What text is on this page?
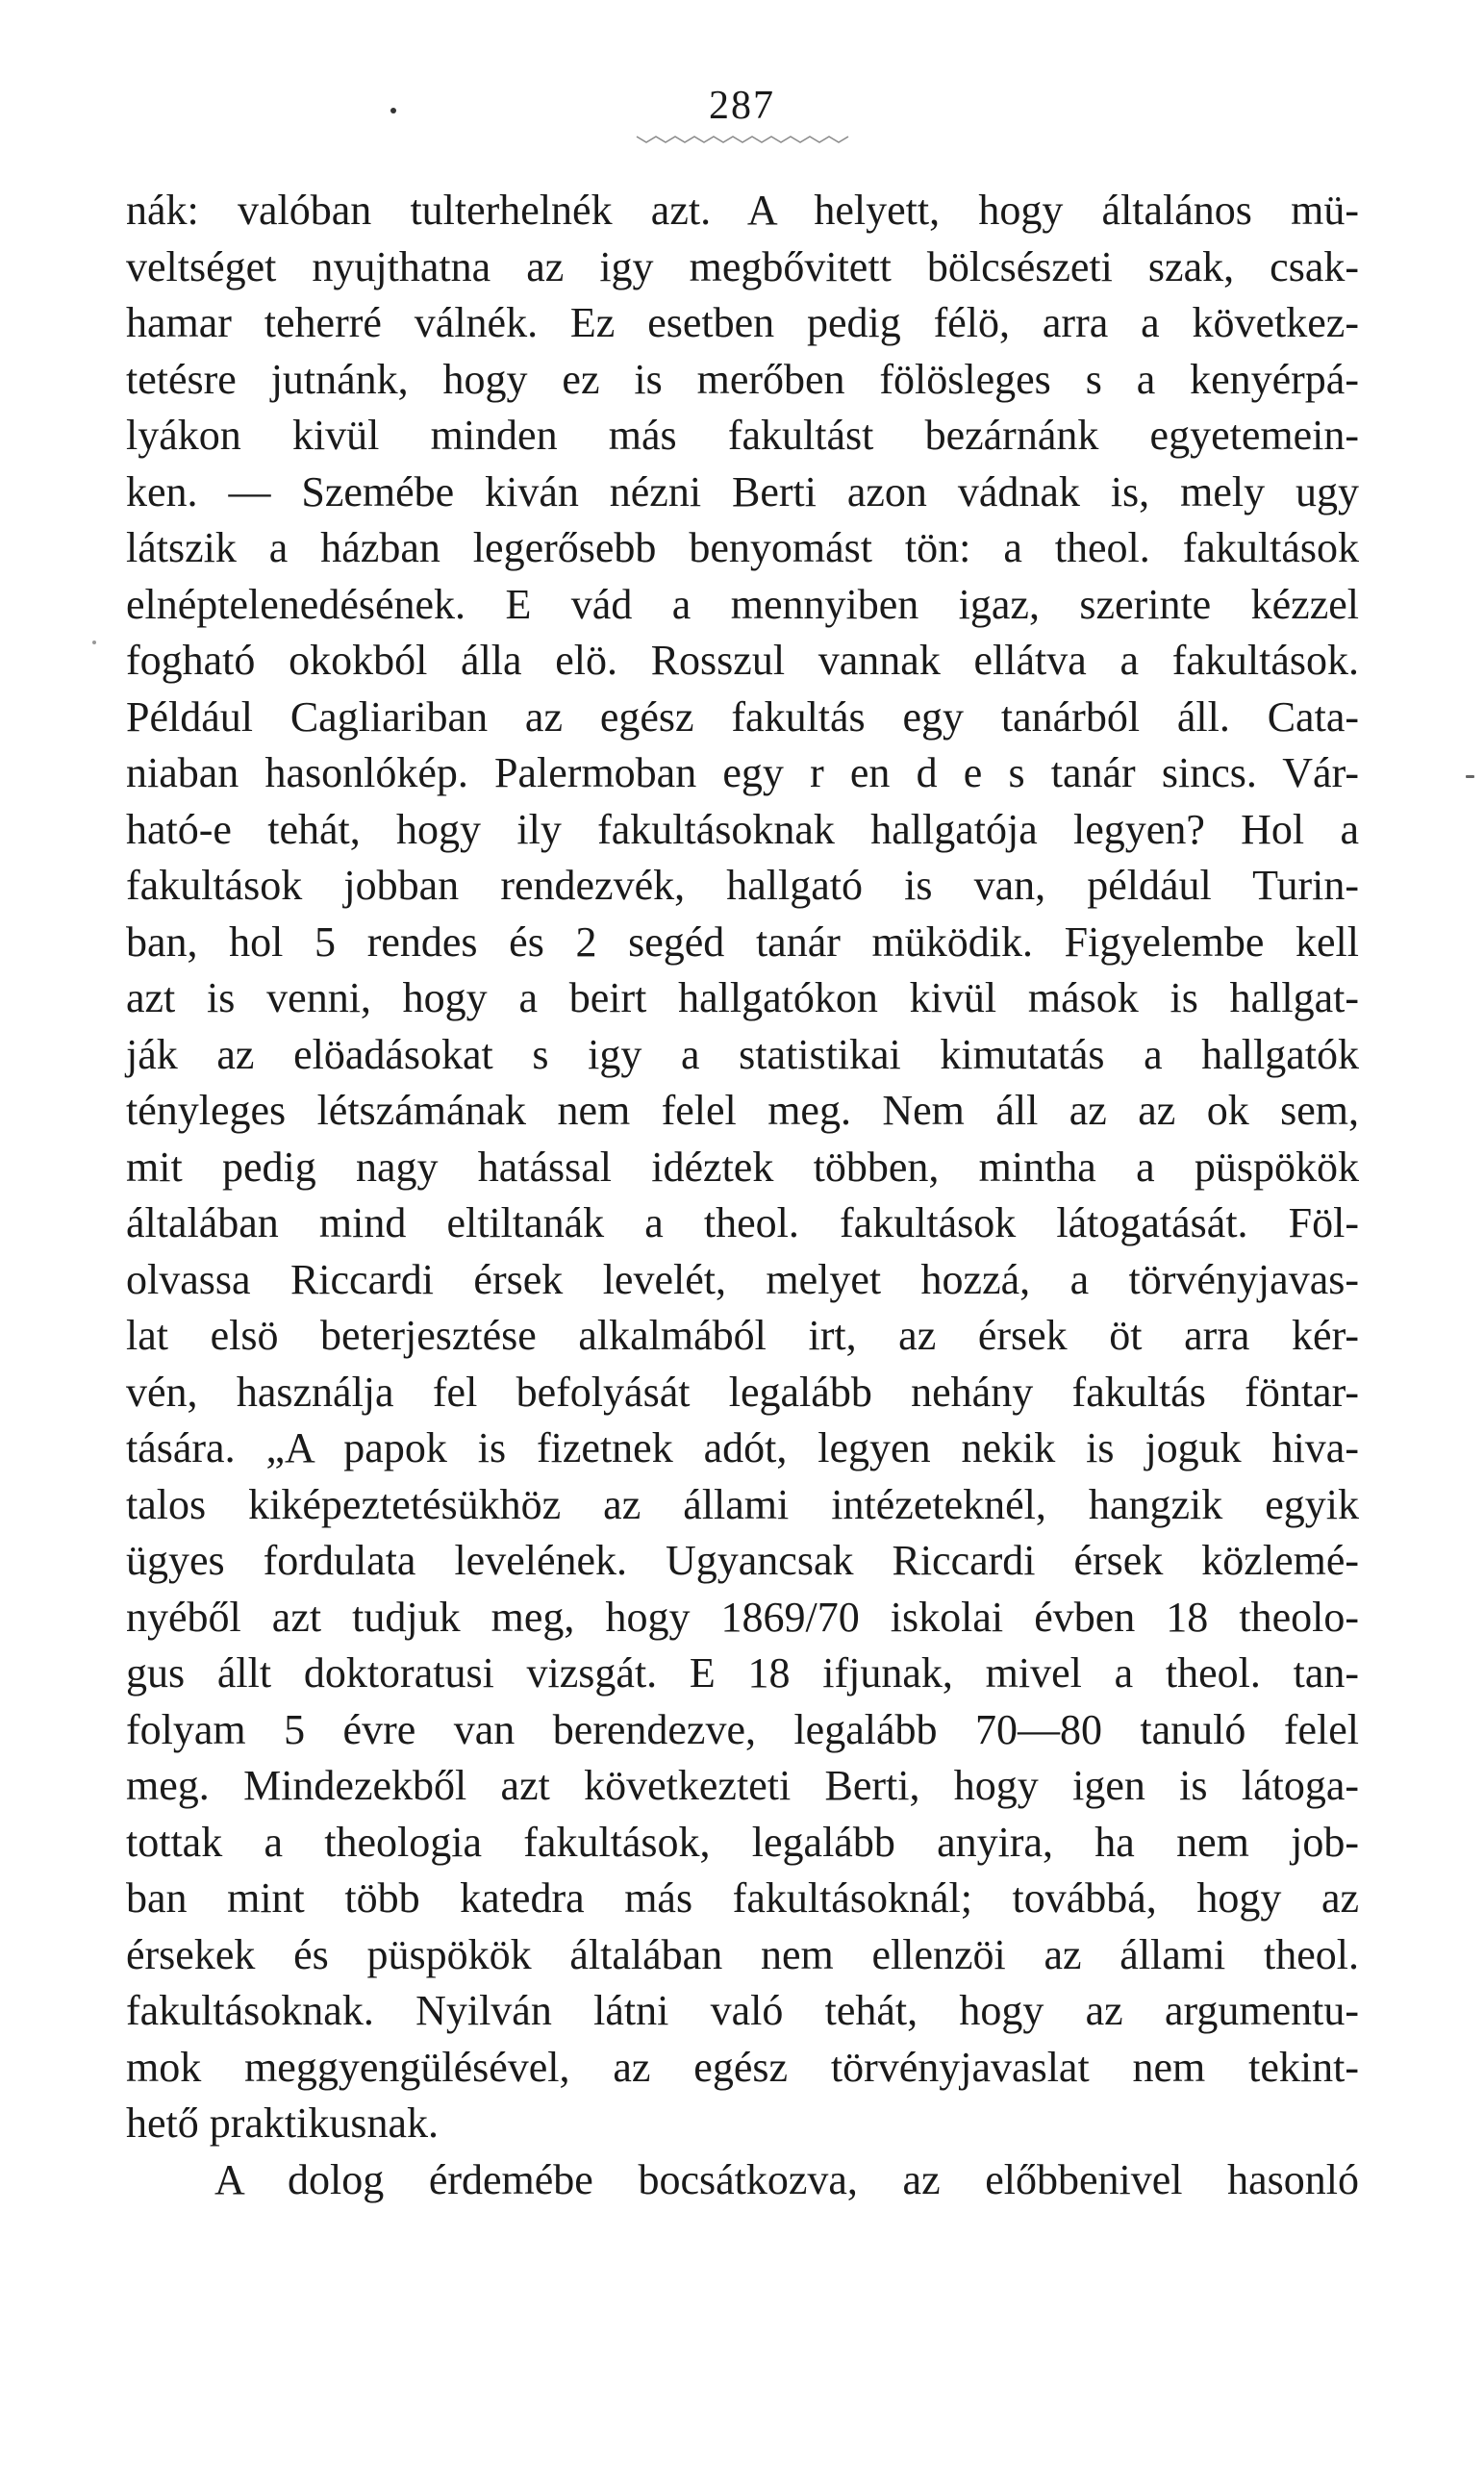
287
nák: valóban tulterhelnék azt. A helyett, hogy általános mü-
veltséget nyujthatna az igy megbővitett bölcsészeti szak, csak-
hamar teherré válnék. Ez esetben pedig félö, arra a következ-
tetésre jutnánk, hogy ez is merőben fölösleges s a kenyérpá-
lyákon kivül minden más fakultást bezárnánk egyetemein-
ken. — Szemébe kiván nézni Berti azon vádnak is, mely ugy
látszik a házban legerősebb benyomást tön: a theol. fakultások
elnéptelenedésének. E vád a mennyiben igaz, szerinte kézzel
fogható okokból álla elö. Rosszul vannak ellátva a fakultások.
Például Cagliariban az egész fakultás egy tanárból áll. Cata-
niaban hasonlókép. Palermoban egy r en d e s tanár sincs. Vár-
ható-e tehát, hogy ily fakultásoknak hallgatója legyen? Hol a
fakultások jobban rendezvék, hallgató is van, például Turin-
ban, hol 5 rendes és 2 segéd tanár müködik. Figyelembe kell
azt is venni, hogy a beirt hallgatókon kivül mások is hallgat-
ják az elöadásokat s igy a statistikai kimutatás a hallgatók
tényleges létszámának nem felel meg. Nem áll az az ok sem,
mit pedig nagy hatással idéztek többen, mintha a püspökök
általában mind eltiltanák a theol. fakultások látogatását. Föl-
olvassa Riccardi érsek levelét, melyet hozzá, a törvényjavas-
lat elsö beterjesztése alkalmából irt, az érsek öt arra kér-
vén, használja fel befolyását legalább nehány fakultás föntar-
tására. „A papok is fizetnek adót, legyen nekik is joguk hiva-
talos kiképeztetésükhöz az állami intézeteknél, hangzik egyik
ügyes fordulata levelének. Ugyancsak Riccardi érsek közlemé-
nyéből azt tudjuk meg, hogy 1869/70 iskolai évben 18 theolo-
gus állt doktoratusi vizsgát. E 18 ifjunak, mivel a theol. tan-
folyam 5 évre van berendezve, legalább 70—80 tanuló felel
meg. Mindezekből azt következteti Berti, hogy igen is látoga-
tottak a theologia fakultások, legalább anyira, ha nem job-
ban mint több katedra más fakultásoknál; továbbá, hogy az
érsekek és püspökök általában nem ellenzöi az állami theol.
fakultásoknak. Nyilván látni való tehát, hogy az argumentu-
mok meggyengülésével, az egész törvényjavaslat nem tekint-
hető praktikusnak.
A dolog érdemébe bocsátkozva, az előbbenivel hasonló
